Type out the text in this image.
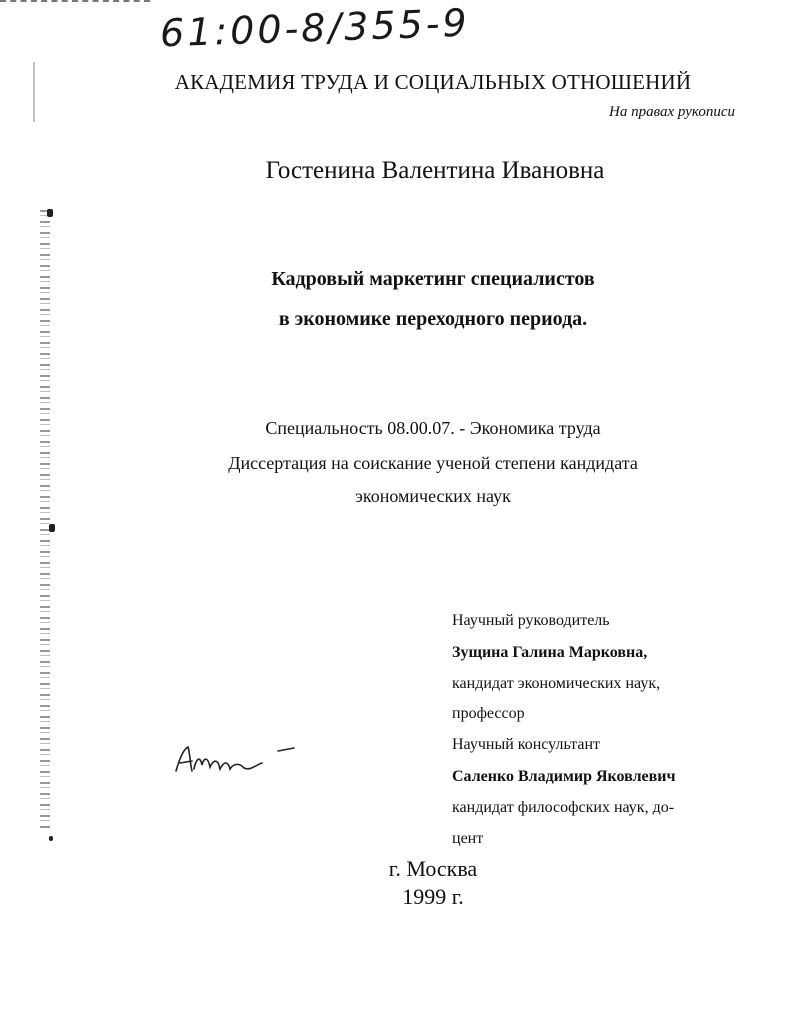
61:00-8/355-9

АКАДЕМИЯ ТРУДА И СОЦИАЛЬНЫХ ОТНОШЕНИЙ

На правах рукописи

Гостенина Валентина Ивановна

Кадровый маркетинг специалистов

в экономике переходного периода.

Специальность 08.00.07. - Экономика труда

Диссертация на соискание ученой степени кандидата

экономических наук

Научный руководитель

Зущина Галина Марковна,

кандидат экономических наук,

профессор

Научный консультант

Саленко Владимир Яковлевич

кандидат философских наук, до-

цент

г. Москва

1999 г.
